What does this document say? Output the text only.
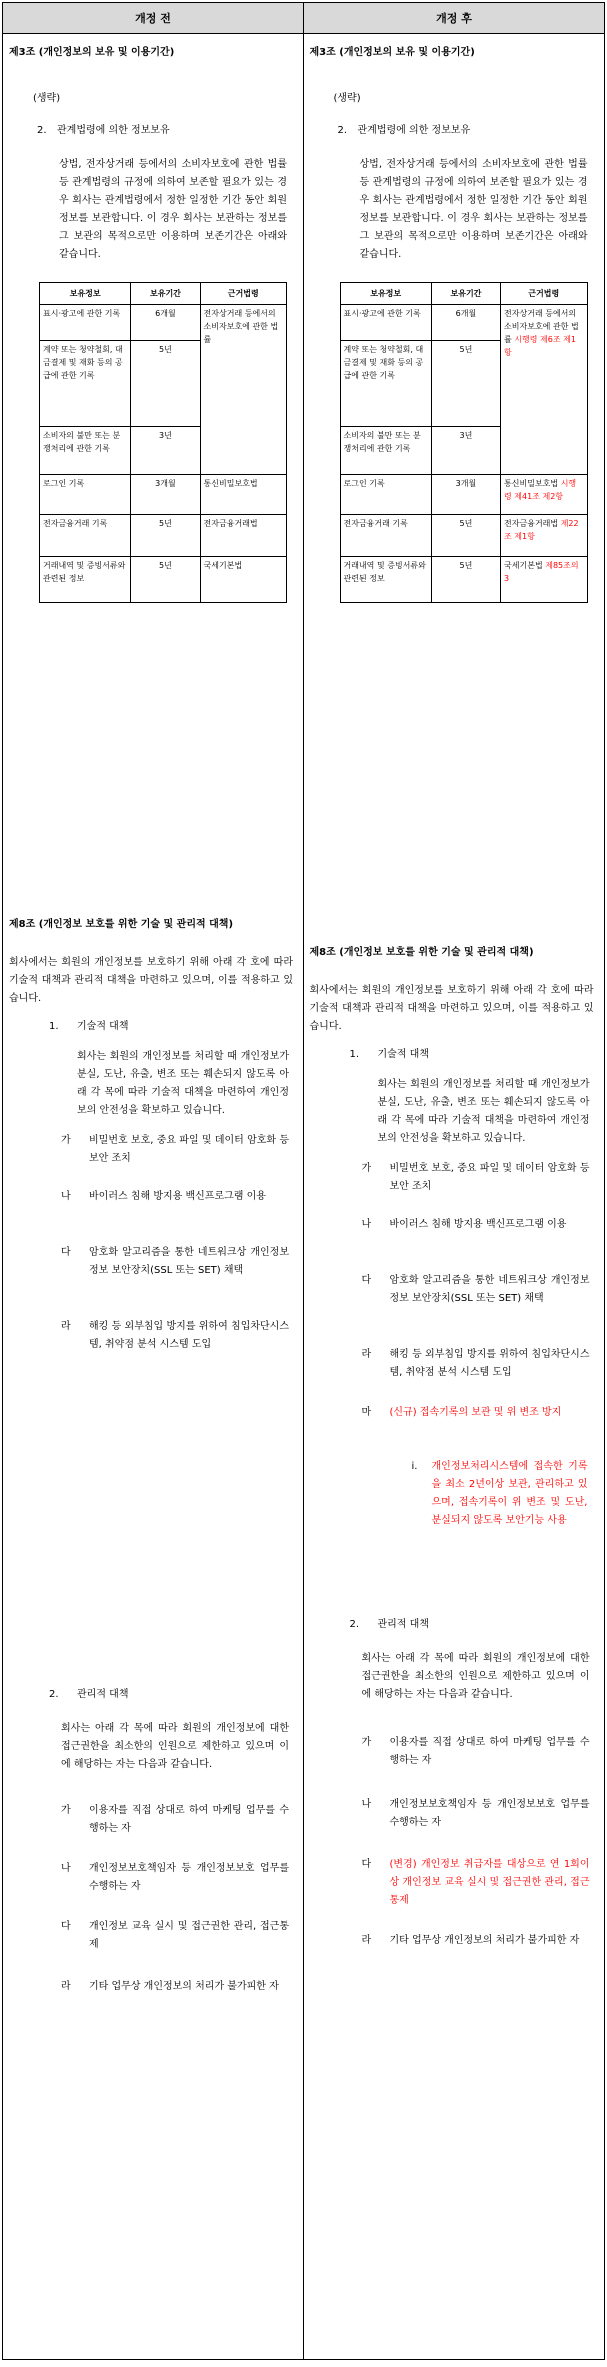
개정 전	개정 후
제3조 (개인정보의 보유 및 이용기간)
(생략)
2. 관계법령에 의한 정보보유
상법, 전자상거래 등에서의 소비자보호에 관한 법률 등 관계법령의 규정에 의하여 보존할 필요가 있는 경우 회사는 관계법령에서 정한 일정한 기간 동안 회원정보를 보관합니다. 이 경우 회사는 보관하는 정보를 그 보관의 목적으로만 이용하며 보존기간은 아래와 같습니다.
보유정보	보유기간	근거법령
표시·광고에 관한 기록	6개월	전자상거래 등에서의 소비자보호에 관한 법률
계약 또는 청약철회, 대금결제 및 재화 등의 공급에 관한 기록	5년	
소비자의 불만 또는 분쟁처리에 관한 기록	3년	
로그인 기록	3개월	통신비밀보호법
전자금융거래 기록	5년	전자금융거래법
거래내역 및 증빙서류와 관련된 정보	5년	국세기본법
제8조 (개인정보 보호를 위한 기술 및 관리적 대책)
회사에서는 회원의 개인정보를 보호하기 위해 아래 각 호에 따라 기술적 대책과 관리적 대책을 마련하고 있으며, 이를 적용하고 있습니다.
1. 기술적 대책
회사는 회원의 개인정보를 처리할 때 개인정보가 분실, 도난, 유출, 변조 또는 훼손되지 않도록 아래 각 목에 따라 기술적 대책을 마련하여 개인정보의 안전성을 확보하고 있습니다.
가 비밀번호 보호, 중요 파일 및 데이터 암호화 등 보안 조치
나 바이러스 침해 방지용 백신프로그램 이용
다 암호화 알고리즘을 통한 네트워크상 개인정보 정보 보안장치(SSL 또는 SET) 채택
라 해킹 등 외부침입 방지를 위하여 침입차단시스템, 취약점 분석 시스템 도입
2. 관리적 대책
회사는 아래 각 목에 따라 회원의 개인정보에 대한 접근권한을 최소한의 인원으로 제한하고 있으며 이에 해당하는 자는 다음과 같습니다.
가 이용자를 직접 상대로 하여 마케팅 업무를 수행하는 자
나 개인정보보호책임자 등 개인정보보호 업무를 수행하는 자
다 개인정보 교육 실시 및 접근권한 관리, 접근통제
라 기타 업무상 개인정보의 처리가 불가피한 자
제3조 (개인정보의 보유 및 이용기간)
(생략)
2. 관계법령에 의한 정보보유
상법, 전자상거래 등에서의 소비자보호에 관한 법률 등 관계법령의 규정에 의하여 보존할 필요가 있는 경우 회사는 관계법령에서 정한 일정한 기간 동안 회원정보를 보관합니다. 이 경우 회사는 보관하는 정보를 그 보관의 목적으로만 이용하며 보존기간은 아래와 같습니다.
보유정보	보유기간	근거법령
표시·광고에 관한 기록	6개월	전자상거래 등에서의 소비자보호에 관한 법률 시행령 제6조 제1항
계약 또는 청약철회, 대금결제 및 재화 등의 공급에 관한 기록	5년	
소비자의 불만 또는 분쟁처리에 관한 기록	3년	
로그인 기록	3개월	통신비밀보호법 시행령 제41조 제2항
전자금융거래 기록	5년	전자금융거래법 제22조 제1항
거래내역 및 증빙서류와 관련된 정보	5년	국세기본법 제85조의 3
제8조 (개인정보 보호를 위한 기술 및 관리적 대책)
회사에서는 회원의 개인정보를 보호하기 위해 아래 각 호에 따라 기술적 대책과 관리적 대책을 마련하고 있으며, 이를 적용하고 있습니다.
1. 기술적 대책
회사는 회원의 개인정보를 처리할 때 개인정보가 분실, 도난, 유출, 변조 또는 훼손되지 않도록 아래 각 목에 따라 기술적 대책을 마련하여 개인정보의 안전성을 확보하고 있습니다.
가 비밀번호 보호, 중요 파일 및 데이터 암호화 등 보안 조치
나 바이러스 침해 방지용 백신프로그램 이용
다 암호화 알고리즘을 통한 네트워크상 개인정보 정보 보안장치(SSL 또는 SET) 채택
라 해킹 등 외부침입 방지를 위하여 침입차단시스템, 취약점 분석 시스템 도입
마 (신규) 접속기록의 보관 및 위 변조 방지
i. 개인정보처리시스템에 접속한 기록을 최소 2년이상 보관, 관리하고 있으며, 접속기록이 위 변조 및 도난, 분실되지 않도록 보안기능 사용
2. 관리적 대책
회사는 아래 각 목에 따라 회원의 개인정보에 대한 접근권한을 최소한의 인원으로 제한하고 있으며 이에 해당하는 자는 다음과 같습니다.
가 이용자를 직접 상대로 하여 마케팅 업무를 수행하는 자
나 개인정보보호책임자 등 개인정보보호 업무를 수행하는 자
다 (변경) 개인정보 취급자를 대상으로 연 1회이상 개인정보 교육 실시 및 접근권한 관리, 접근통제
라 기타 업무상 개인정보의 처리가 불가피한 자
